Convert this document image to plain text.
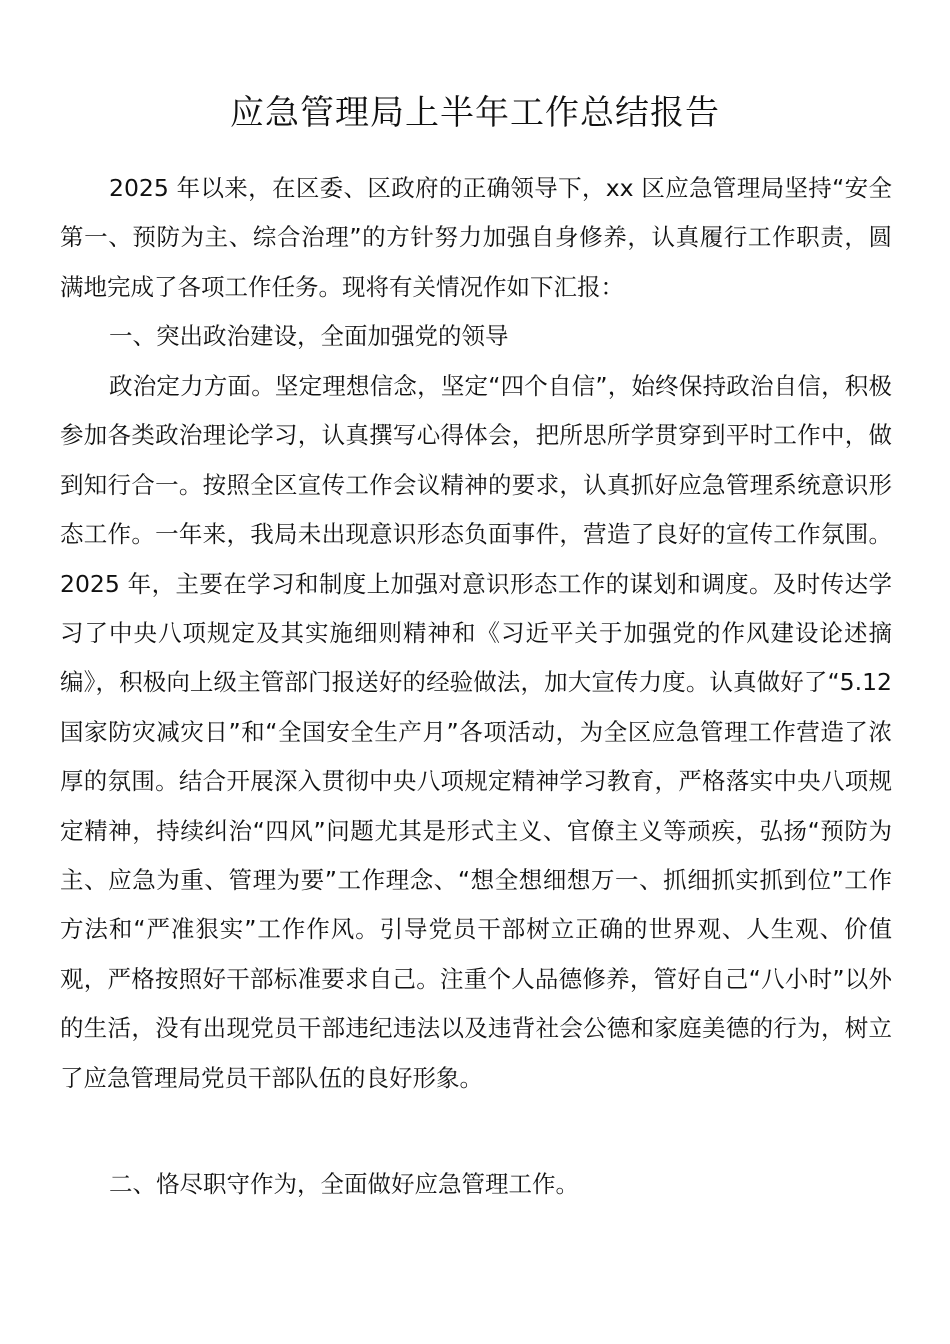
应急管理局上半年工作总结报告

2025 年以来，在区委、区政府的正确领导下，xx 区应急管理局坚持“安全第一、预防为主、综合治理”的方针努力加强自身修养，认真履行工作职责，圆满地完成了各项工作任务。现将有关情况作如下汇报：

一、突出政治建设，全面加强党的领导

政治定力方面。坚定理想信念，坚定“四个自信”，始终保持政治自信，积极参加各类政治理论学习，认真撰写心得体会，把所思所学贯穿到平时工作中，做到知行合一。按照全区宣传工作会议精神的要求，认真抓好应急管理系统意识形态工作。一年来，我局未出现意识形态负面事件，营造了良好的宣传工作氛围。2025 年，主要在学习和制度上加强对意识形态工作的谋划和调度。及时传达学习了中央八项规定及其实施细则精神和《习近平关于加强党的作风建设论述摘编》，积极向上级主管部门报送好的经验做法，加大宣传力度。认真做好了“5.12 国家防灾减灾日”和“全国安全生产月”各项活动，为全区应急管理工作营造了浓厚的氛围。结合开展深入贯彻中央八项规定精神学习教育，严格落实中央八项规定精神，持续纠治“四风”问题尤其是形式主义、官僚主义等顽疾，弘扬“预防为主、应急为重、管理为要”工作理念、“想全想细想万一、抓细抓实抓到位”工作方法和“严准狠实”工作作风。引导党员干部树立正确的世界观、人生观、价值观，严格按照好干部标准要求自己。注重个人品德修养，管好自己“八小时”以外的生活，没有出现党员干部违纪违法以及违背社会公德和家庭美德的行为，树立了应急管理局党员干部队伍的良好形象。

二、恪尽职守作为，全面做好应急管理工作。
